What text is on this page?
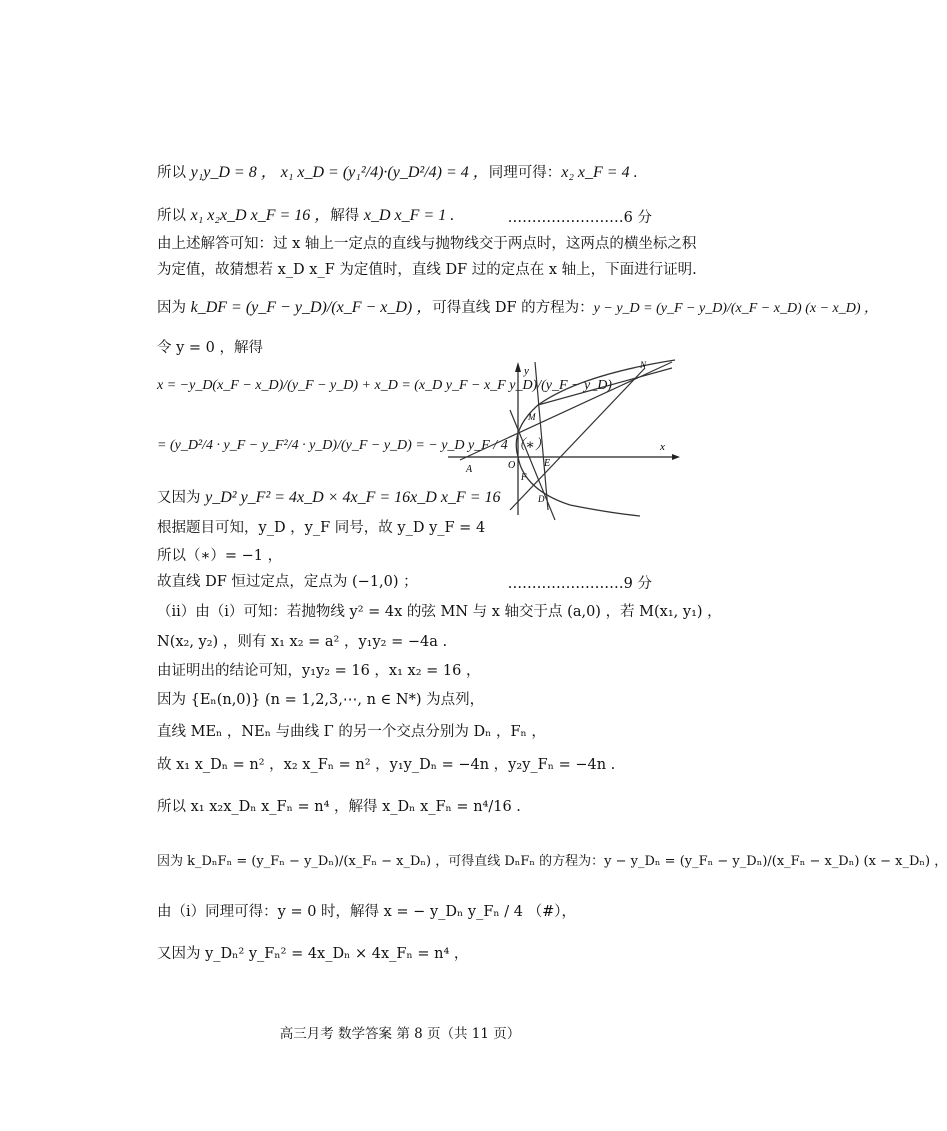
所以 y₁y_D = 8 ， x₁ x_D = (y₁²/4)·(y_D²/4) = 4 ，同理可得：x₂ x_F = 4 .
所以 x₁ x₂x_D x_F = 16 ，解得 x_D x_F = 1 .	……………………6 分
由上述解答可知：过 x 轴上一定点的直线与抛物线交于两点时，这两点的横坐标之积
为定值，故猜想若 x_D x_F 为定值时，直线 DF 过的定点在 x 轴上，下面进行证明.
因为 k_DF = (y_F − y_D)/(x_F − x_D) ，可得直线 DF 的方程为：y − y_D = (y_F − y_D)/(x_F − x_D) (x − x_D) ，
令 y = 0 ，解得
x = −y_D(x_F − x_D)/(y_F − y_D) + x_D = (x_D y_F − x_F y_D)/(y_F − y_D)
= (y_D²/4 · y_F − y_F²/4 · y_D)/(y_F − y_D) = − y_D y_F / 4 （∗）
又因为 y_D² y_F² = 4x_D × 4x_F = 16x_D x_F = 16
根据题目可知，y_D ，y_F 同号，故 y_D y_F = 4
所以（∗）= −1 ，
故直线 DF 恒过定点，定点为 (−1,0) ；	……………………9 分
（ii）由（i）可知：若抛物线 y² = 4x 的弦 MN 与 x 轴交于点 (a,0) ，若 M(x₁, y₁) ，
N(x₂, y₂) ，则有 x₁ x₂ = a² ，y₁y₂ = −4a .
由证明出的结论可知，y₁y₂ = 16 ，x₁ x₂ = 16 ，
因为 {Eₙ(n,0)} (n = 1,2,3,⋯, n ∈ N*) 为点列，
直线 MEₙ ，NEₙ 与曲线 Γ 的另一个交点分别为 Dₙ ，Fₙ ，
故 x₁ x_Dₙ = n² ，x₂ x_Fₙ = n² ，y₁y_Dₙ = −4n ，y₂y_Fₙ = −4n .
所以 x₁ x₂x_Dₙ x_Fₙ = n⁴ ，解得 x_Dₙ x_Fₙ = n⁴/16 .
因为 k_DₙFₙ = (y_Fₙ − y_Dₙ)/(x_Fₙ − x_Dₙ) ，可得直线 DₙFₙ 的方程为：y − y_Dₙ = (y_Fₙ − y_Dₙ)/(x_Fₙ − x_Dₙ) (x − x_Dₙ) ，
由（i）同理可得：y = 0 时，解得 x = − y_Dₙ y_Fₙ / 4 （#），
又因为 y_Dₙ² y_Fₙ² = 4x_Dₙ × 4x_Fₙ = n⁴ ，
x
y
A	O	E
F
D
M
N
高三月考 数学答案 第 8 页（共 11 页）
